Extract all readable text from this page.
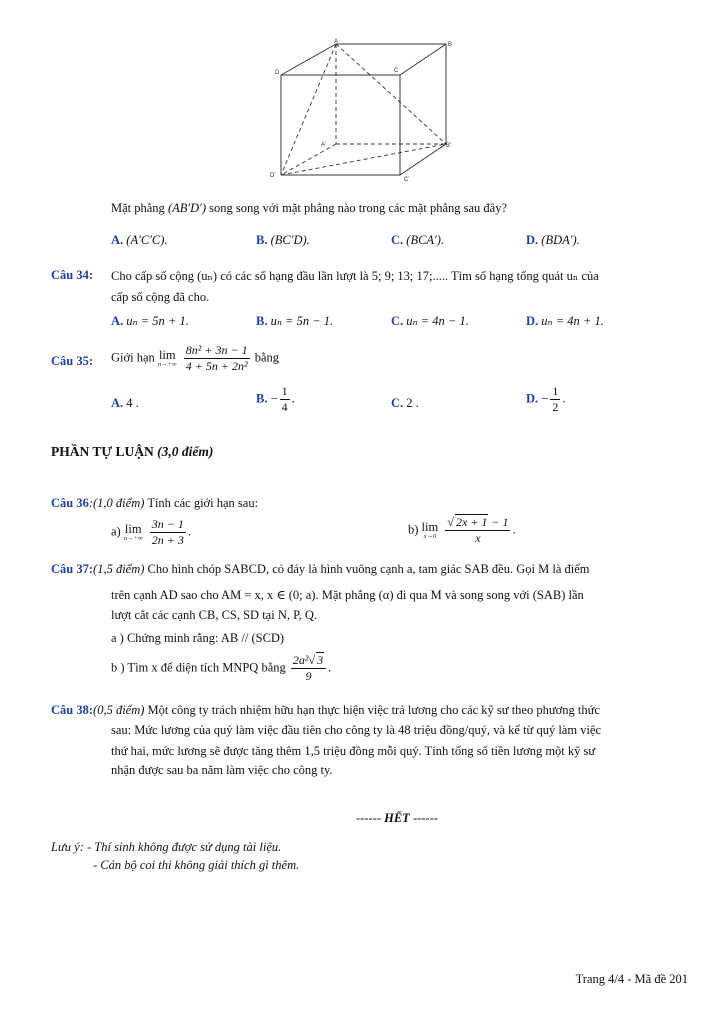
A	B
C
D
A'	B'
C'
D'
Mặt phẳng (AB′D′) song song với mặt phẳng nào trong các mặt phẳng sau đây?
A. (A′C′C).	B. (BC′D).	C. (BCA′).	D. (BDA′).
Câu 34: Cho cấp số cộng (uₙ) có các số hạng đầu lần lượt là 5; 9; 13; 17;..... Tìm số hạng tổng quát uₙ của
cấp số cộng đã cho.
A. uₙ = 5n + 1.	B. uₙ = 5n − 1.	C. uₙ = 4n − 1.	D. uₙ = 4n + 1.
Câu 35: Giới hạn lim
n→+∞
$\frac{\text{8n² + 3n − 1}}{\text{4 + 5n + 2n²}}$ bằng
A. 4 .	B. − $\frac{1}{4}$ .	C. 2 .	D. − $\frac{1}{2}$ .
PHẦN TỰ LUẬN (3,0 điểm)
Câu 36:(1,0 điểm) Tính các giới hạn sau:
a) lim
n→+∞
$\frac{3n - 1}{2n + 3}$ .	b) lim
x→0
$\frac{√ 2x + 1 - 1}{x}$ .
Câu 37:(1,5 điểm) Cho hình chóp SABCD, có đáy là hình vuông cạnh a, tam giác SAB đều. Gọi M là điểm
trên cạnh AD sao cho AM = x, x ∈ (0; a). Mặt phẳng (α) đi qua M và song song với (SAB) lần
lượt cắt các cạnh CB, CS, SD tại N, P, Q.
a ) Chứng minh rằng: AB // (SCD)
b ) Tìm x để diện tích MNPQ bằng $\frac{\text{2a²√ 3}}{9}$ .
Câu 38:(0,5 điểm) Một công ty trách nhiệm hữu hạn thực hiện việc trả lương cho các kỹ sư theo phương thức
sau: Mức lương của quý làm việc đầu tiên cho công ty là 48 triệu đồng/quý, và kể từ quý làm việc
thứ hai, mức lương sẽ được tăng thêm 1,5 triệu đồng mỗi quý. Tính tổng số tiền lương một kỹ sư
nhận được sau ba năm làm việc cho công ty.
------ HẾT ------
Lưu ý: - Thí sinh không được sử dụng tài liệu.
- Cán bộ coi thi không giải thích gì thêm.
Trang 4/4 - Mã đề 201
